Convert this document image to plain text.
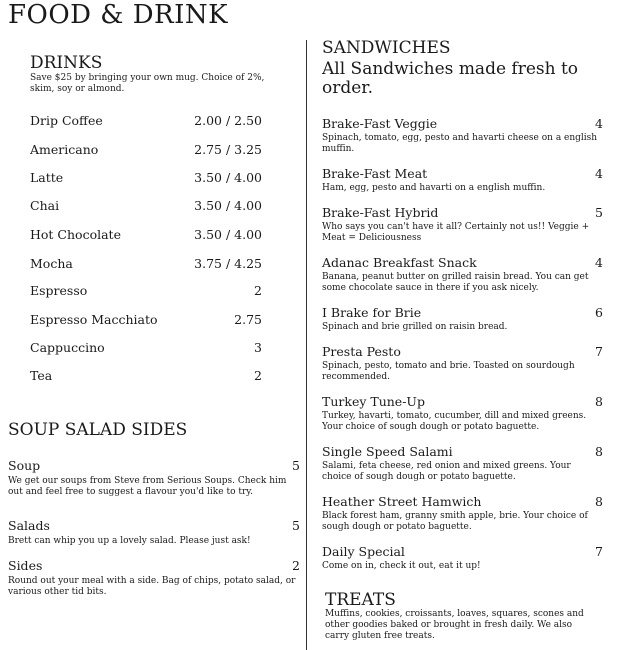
FOOD & DRINK
DRINKS
Save $25 by bringing your own mug. Choice of 2%, skim, soy or almond.
Drip Coffee	2.00 / 2.50
Americano	2.75 / 3.25
Latte	3.50 / 4.00
Chai	3.50 / 4.00
Hot Chocolate	3.50 / 4.00
Mocha	3.75 / 4.25
Espresso	2
Espresso Macchiato	2.75
Cappuccino	3
Tea	2
SOUP SALAD SIDES
Soup	5
We get our soups from Steve from Serious Soups. Check him out and feel free to suggest a flavour you'd like to try.
Salads	5
Brett can whip you up a lovely salad. Please just ask!
Sides	2
Round out your meal with a side. Bag of chips, potato salad, or various other tid bits.
SANDWICHES
All Sandwiches made fresh to order.
Brake-Fast Veggie	4
Spinach, tomato, egg, pesto and havarti cheese on a english muffin.
Brake-Fast Meat	4
Ham, egg, pesto and havarti on a english muffin.
Brake-Fast Hybrid	5
Who says you can't have it all? Certainly not us!! Veggie + Meat = Deliciousness
Adanac Breakfast Snack	4
Banana, peanut butter on grilled raisin bread. You can get some chocolate sauce in there if you ask nicely.
I Brake for Brie	6
Spinach and brie grilled on raisin bread.
Presta Pesto	7
Spinach, pesto, tomato and brie. Toasted on sourdough recommended.
Turkey Tune-Up	8
Turkey, havarti, tomato, cucumber, dill and mixed greens. Your choice of sough dough or potato baguette.
Single Speed Salami	8
Salami, feta cheese, red onion and mixed greens. Your choice of sough dough or potato baguette.
Heather Street Hamwich	8
Black forest ham, granny smith apple, brie. Your choice of sough dough or potato baguette.
Daily Special	7
Come on in, check it out, eat it up!
TREATS
Muffins, cookies, croissants, loaves, squares, scones and other goodies baked or brought in fresh daily. We also carry gluten free treats.
